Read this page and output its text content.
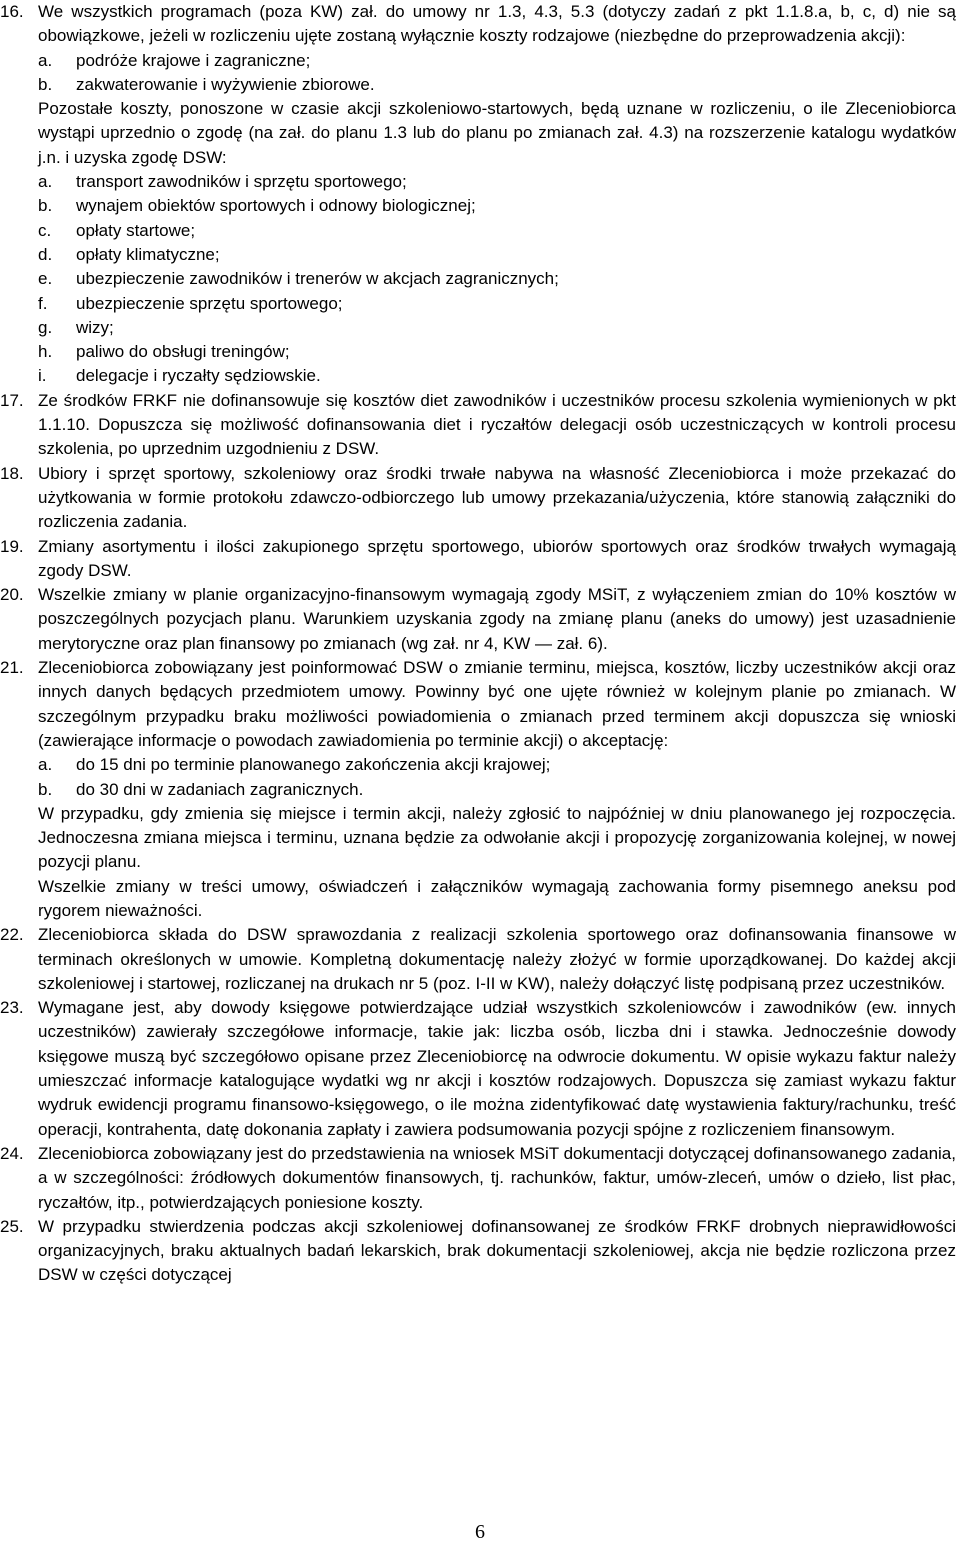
16. We wszystkich programach (poza KW) zał. do umowy nr 1.3, 4.3, 5.3 (dotyczy zadań z pkt 1.1.8.a, b, c, d) nie są obowiązkowe, jeżeli w rozliczeniu ujęte zostaną wyłącznie koszty rodzajowe (niezbędne do przeprowadzenia akcji):
a. podróże krajowe i zagraniczne;
b. zakwaterowanie i wyżywienie zbiorowe.
Pozostałe koszty, ponoszone w czasie akcji szkoleniowo-startowych, będą uznane w rozliczeniu, o ile Zleceniobiorca wystąpi uprzednio o zgodę (na zał. do planu 1.3 lub do planu po zmianach zał. 4.3) na rozszerzenie katalogu wydatków j.n. i uzyska zgodę DSW:
a. transport zawodników i sprzętu sportowego;
b. wynajem obiektów sportowych i odnowy biologicznej;
c. opłaty startowe;
d. opłaty klimatyczne;
e. ubezpieczenie zawodników i trenerów w akcjach zagranicznych;
f. ubezpieczenie sprzętu sportowego;
g. wizy;
h. paliwo do obsługi treningów;
i. delegacje i ryczałty sędziowskie.
17. Ze środków FRKF nie dofinansowuje się kosztów diet zawodników i uczestników procesu szkolenia wymienionych w pkt 1.1.10. Dopuszcza się możliwość dofinansowania diet i ryczałtów delegacji osób uczestniczących w kontroli procesu szkolenia, po uprzednim uzgodnieniu z DSW.
18. Ubiory i sprzęt sportowy, szkoleniowy oraz środki trwałe nabywa na własność Zleceniobiorca i może przekazać do użytkowania w formie protokołu zdawczo-odbiorczego lub umowy przekazania/użyczenia, które stanowią załączniki do rozliczenia zadania.
19. Zmiany asortymentu i ilości zakupionego sprzętu sportowego, ubiorów sportowych oraz środków trwałych wymagają zgody DSW.
20. Wszelkie zmiany w planie organizacyjno-finansowym wymagają zgody MSiT, z wyłączeniem zmian do 10% kosztów w poszczególnych pozycjach planu. Warunkiem uzyskania zgody na zmianę planu (aneks do umowy) jest uzasadnienie merytoryczne oraz plan finansowy po zmianach (wg zał. nr 4, KW — zał. 6).
21. Zleceniobiorca zobowiązany jest poinformować DSW o zmianie terminu, miejsca, kosztów, liczby uczestników akcji oraz innych danych będących przedmiotem umowy. Powinny być one ujęte również w kolejnym planie po zmianach. W szczególnym przypadku braku możliwości powiadomienia o zmianach przed terminem akcji dopuszcza się wnioski (zawierające informacje o powodach zawiadomienia po terminie akcji) o akceptację:
a. do 15 dni po terminie planowanego zakończenia akcji krajowej;
b. do 30 dni w zadaniach zagranicznych.
W przypadku, gdy zmienia się miejsce i termin akcji, należy zgłosić to najpóźniej w dniu planowanego jej rozpoczęcia. Jednoczesna zmiana miejsca i terminu, uznana będzie za odwołanie akcji i propozycję zorganizowania kolejnej, w nowej pozycji planu.
Wszelkie zmiany w treści umowy, oświadczeń i załączników wymagają zachowania formy pisemnego aneksu pod rygorem nieważności.
22. Zleceniobiorca składa do DSW sprawozdania z realizacji szkolenia sportowego oraz dofinansowania finansowe w terminach określonych w umowie. Kompletną dokumentację należy złożyć w formie uporządkowanej. Do każdej akcji szkoleniowej i startowej, rozliczanej na drukach nr 5 (poz. I-II w KW), należy dołączyć listę podpisaną przez uczestników.
23. Wymagane jest, aby dowody księgowe potwierdzające udział wszystkich szkoleniowców i zawodników (ew. innych uczestników) zawierały szczegółowe informacje, takie jak: liczba osób, liczba dni i stawka. Jednocześnie dowody księgowe muszą być szczegółowo opisane przez Zleceniobiorcę na odwrocie dokumentu. W opisie wykazu faktur należy umieszczać informacje katalogujące wydatki wg nr akcji i kosztów rodzajowych. Dopuszcza się zamiast wykazu faktur wydruk ewidencji programu finansowo-księgowego, o ile można zidentyfikować datę wystawienia faktury/rachunku, treść operacji, kontrahenta, datę dokonania zapłaty i zawiera podsumowania pozycji spójne z rozliczeniem finansowym.
24. Zleceniobiorca zobowiązany jest do przedstawienia na wniosek MSiT dokumentacji dotyczącej dofinansowanego zadania, a w szczególności: źródłowych dokumentów finansowych, tj. rachunków, faktur, umów-zleceń, umów o dzieło, list płac, ryczałtów, itp., potwierdzających poniesione koszty.
25. W przypadku stwierdzenia podczas akcji szkoleniowej dofinansowanej ze środków FRKF drobnych nieprawidłowości organizacyjnych, braku aktualnych badań lekarskich, brak dokumentacji szkoleniowej, akcja nie będzie rozliczona przez DSW w części dotyczącej
6
